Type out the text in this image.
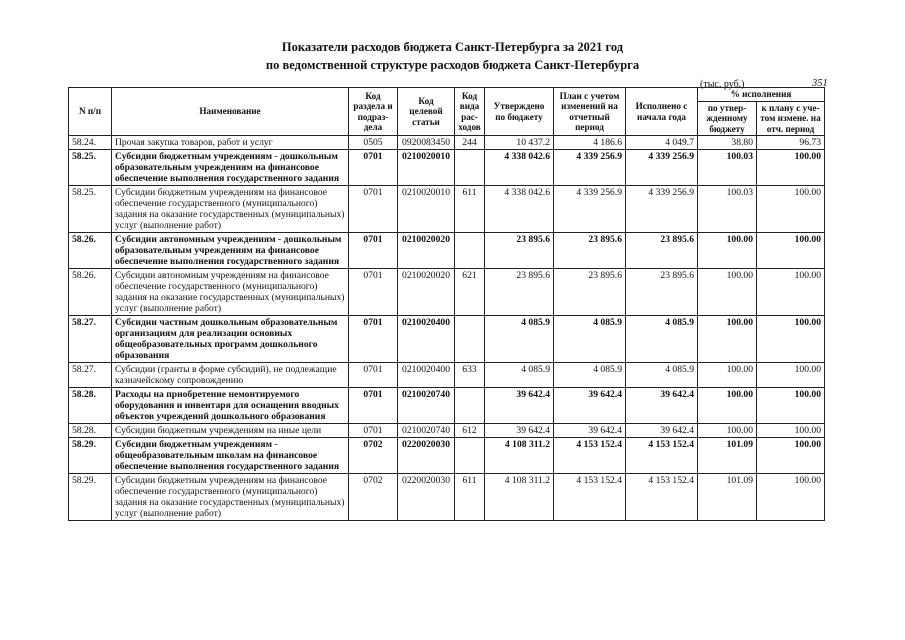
Показатели расходов бюджета Санкт-Петербурга за 2021 год
по ведомственной структуре расходов бюджета Санкт-Петербурга
(тыс. руб.)	351
N п/п	Наименование	Код раздела и подраз-дела	Код целевой статьи	Код вида рас-ходов	Утверждено по бюджету	План с учетом изменений на отчетный период	Исполнено с начала года	% исполнения	
								по утвер-жденному бюджету	к плану с уче-том измене. на отч. период
58.24.	Прочая закупка товаров, работ и услуг	0505	0920083450	244	10 437.2	4 186.6	4 049.7	38.80	96.73
58.25.	Субсидии бюджетным учреждениям - дошкольным образовательным учреждениям на финансовое обеспечение выполнения государственного задания	0701	0210020010		4 338 042.6	4 339 256.9	4 339 256.9	100.03	100.00
58.25.	Субсидии бюджетным учреждениям на финансовое обеспечение государственного (муниципального) задания на оказание государственных (муниципальных) услуг (выполнение работ)	0701	0210020010	611	4 338 042.6	4 339 256.9	4 339 256.9	100.03	100.00
58.26.	Субсидии автономным учреждениям - дошкольным образовательным учреждениям на финансовое обеспечение выполнения государственного задания	0701	0210020020		23 895.6	23 895.6	23 895.6	100.00	100.00
58.26.	Субсидии автономным учреждениям на финансовое обеспечение государственного (муниципального) задания на оказание государственных (муниципальных) услуг (выполнение работ)	0701	0210020020	621	23 895.6	23 895.6	23 895.6	100.00	100.00
58.27.	Субсидии частным дошкольным образовательным организациям для реализации основных общеобразовательных программ дошкольного образования	0701	0210020400		4 085.9	4 085.9	4 085.9	100.00	100.00
58.27.	Субсидии (гранты в форме субсидий), не подлежащие казначейскому сопровождению	0701	0210020400	633	4 085.9	4 085.9	4 085.9	100.00	100.00
58.28.	Расходы на приобретение немонтируемого оборудования и инвентаря для оснащения вводных объектов учреждений дошкольного образования	0701	0210020740		39 642.4	39 642.4	39 642.4	100.00	100.00
58.28.	Субсидии бюджетным учреждениям на иные цели	0701	0210020740	612	39 642.4	39 642.4	39 642.4	100.00	100.00
58.29.	Субсидии бюджетным учреждениям - общеобразовательным школам на финансовое обеспечение выполнения государственного задания	0702	0220020030		4 108 311.2	4 153 152.4	4 153 152.4	101.09	100.00
58.29.	Субсидии бюджетным учреждениям на финансовое обеспечение государственного (муниципального) задания на оказание государственных (муниципальных) услуг (выполнение работ)	0702	0220020030	611	4 108 311.2	4 153 152.4	4 153 152.4	101.09	100.00
